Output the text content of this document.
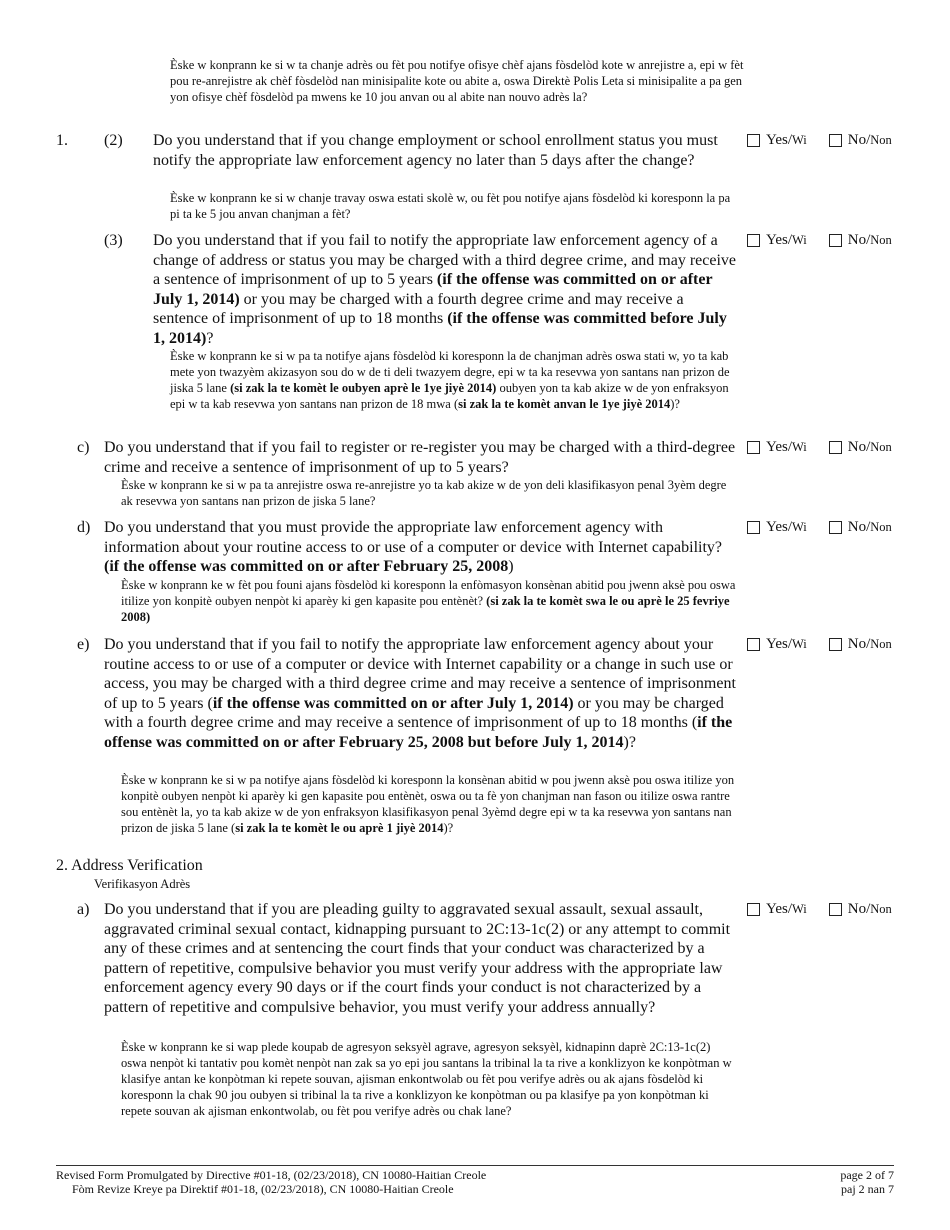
Èske w konprann ke si w ta chanje adrès ou fèt pou notifye ofisye chèf ajans fòsdelòd kote w anrejistre a, epi w fèt pou re-anrejistre ak chèf fòsdelòd nan minisipalite kote ou abite a, oswa Direktè Polis Leta si minisipalite a pa gen yon ofisye chèf fòsdelòd pa mwens ke 10 jou anvan ou al abite nan nouvo adrès la?
1. (2) Do you understand that if you change employment or school enrollment status you must notify the appropriate law enforcement agency no later than 5 days after the change?
Èske w konprann ke si w chanje travay oswa estati skolè w, ou fèt pou notifye ajans fòsdelòd ki koresponn la pa pi ta ke 5 jou anvan chanjman a fèt?
Yes/ Wi	No/ Non
(3) Do you understand that if you fail to notify the appropriate law enforcement agency of a change of address or status you may be charged with a third degree crime, and may receive a sentence of imprisonment of up to 5 years (if the offense was committed on or after July 1, 2014) or you may be charged with a fourth degree crime and may receive a sentence of imprisonment of up to 18 months (if the offense was committed before July 1, 2014)?
Èske w konprann ke si w pa ta notifye ajans fòsdelòd ki koresponn la de chanjman adrès oswa stati w, yo ta kab mete yon twazyèm akizasyon sou do w de ti deli twazyem degre, epi w ta ka resevwa yon santans nan prizon de jiska 5 lane (si zak la te komèt le oubyen aprè le 1ye jiyè 2014) oubyen yon ta kab akize w de yon enfraksyon epi w ta kab resevwa yon santans nan prizon de 18 mwa (si zak la te komèt anvan le 1ye jiyè 2014)?
Yes/ Wi	No/ Non
c) Do you understand that if you fail to register or re-register you may be charged with a third-degree crime and receive a sentence of imprisonment of up to 5 years?
Èske w konprann ke si w pa ta anrejistre oswa re-anrejistre yo ta kab akize w de yon deli klasifikasyon penal 3yèm degre ak resevwa yon santans nan prizon de jiska 5 lane?
Yes/ Wi	No/ Non
d) Do you understand that you must provide the appropriate law enforcement agency with information about your routine access to or use of a computer or device with Internet capability? (if the offense was committed on or after February 25, 2008)
Èske w konprann ke w fèt pou founi ajans fòsdelòd ki koresponn la enfòmasyon konsènan abitid pou jwenn aksè pou oswa itilize yon konpitè oubyen nenpòt ki aparèy ki gen kapasite pou entènèt? (si zak la te komèt swa le ou aprè le 25 fevriye 2008)
Yes/ Wi	No/ Non
e) Do you understand that if you fail to notify the appropriate law enforcement agency about your routine access to or use of a computer or device with Internet capability or a change in such use or access, you may be charged with a third degree crime and may receive a sentence of imprisonment of up to 5 years (if the offense was committed on or after July 1, 2014) or you may be charged with a fourth degree crime and may receive a sentence of imprisonment of up to 18 months (if the offense was committed on or after February 25, 2008 but before July 1, 2014)?
Èske w konprann ke si w pa notifye ajans fòsdelòd ki koresponn la konsènan abitid w pou jwenn aksè pou oswa itilize yon konpitè oubyen nenpòt ki aparèy ki gen kapasite pou entènèt, oswa ou ta fè yon chanjman nan fason ou itilize oswa rantre sou entènèt la, yo ta kab akize w de yon enfraksyon klasifikasyon penal 3yèmd degre epi w ta ka resevwa yon santans nan prizon de jiska 5 lane (si zak la te komèt le ou aprè 1 jiyè 2014)?
Yes/ Wi	No/ Non
2. Address Verification
Verifikasyon Adrès
a) Do you understand that if you are pleading guilty to aggravated sexual assault, sexual assault, aggravated criminal sexual contact, kidnapping pursuant to 2C:13-1c(2) or any attempt to commit any of these crimes and at sentencing the court finds that your conduct was characterized by a pattern of repetitive, compulsive behavior you must verify your address with the appropriate law enforcement agency every 90 days or if the court finds your conduct is not characterized by a pattern of repetitive and compulsive behavior, you must verify your address annually?
Èske w konprann ke si wap plede koupab de agresyon seksyèl agrave, agresyon seksyèl, kidnapinn daprè 2C:13-1c(2) oswa nenpòt ki tantativ pou komèt nenpòt nan zak sa yo epi jou santans la tribinal la ta rive a konklizyon ke konpòtman w klasifye antan ke konpòtman ki repete souvan, ajisman enkontwolab ou fèt pou verifye adrès ou ak ajans fòsdelòd ki koresponn la chak 90 jou oubyen si tribinal la ta rive a konklizyon ke konpòtman ou pa klasifye pa yon konpòtman ki repete souvan ak ajisman enkontwolab, ou fèt pou verifye adrès ou chak lane?
Yes/ Wi	No/ Non
Revised Form Promulgated by Directive #01-18, (02/23/2018), CN 10080-Haitian Creole
Fòm Revize Kreye pa Direktif #01-18, (02/23/2018), CN 10080-Haitian Creole
page 2 of 7
paj 2 nan 7
